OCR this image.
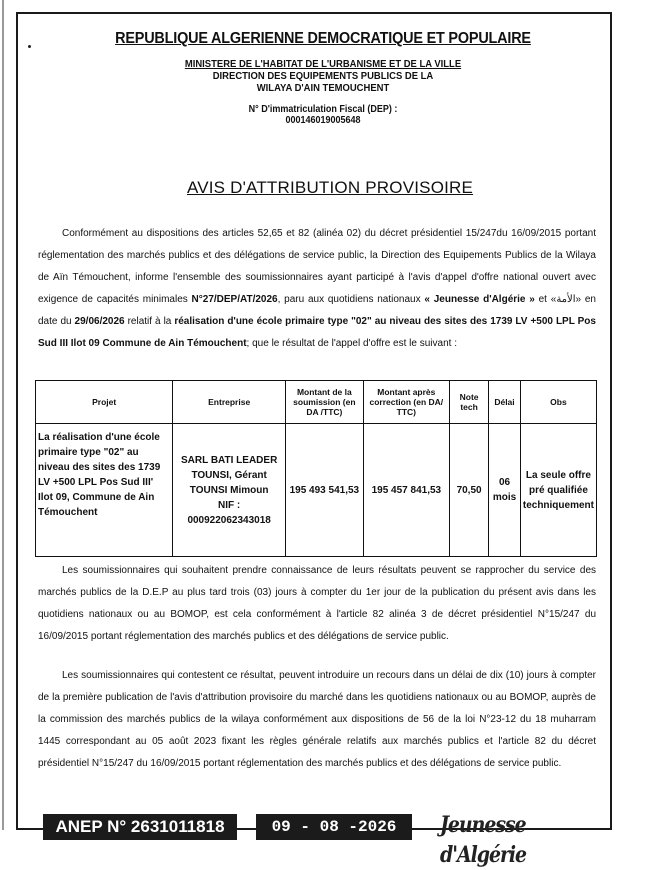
REPUBLIQUE ALGERIENNE DEMOCRATIQUE ET POPULAIRE
MINISTERE DE L'HABITAT DE L'URBANISME ET DE LA VILLE
DIRECTION DES EQUIPEMENTS PUBLICS DE LA
WILAYA D'AIN TEMOUCHENT
N° D'immatriculation Fiscal (DEP) :
000146019005648
AVIS D'ATTRIBUTION PROVISOIRE
Conformément au dispositions des articles 52,65 et 82 (alinéa 02) du décret présidentiel 15/247du 16/09/2015 portant réglementation des marchés publics et des délégations de service public, la Direction des Equipements Publics de la Wilaya de Aïn Témouchent, informe l'ensemble des soumissionnaires ayant participé à l'avis d'appel d'offre national ouvert avec exigence de capacités minimales N°27/DEP/AT/2026, paru aux quotidiens nationaux « Jeunesse d'Algérie » et «الأمة» en date du 29/06/2026 relatif à la réalisation d'une école primaire type "02" au niveau des sites des 1739 LV +500 LPL Pos Sud III Ilot 09 Commune de Ain Témouchent; que le résultat de l'appel d'offre est le suivant :
Projet	Entreprise	Montant de la soumission (en DA /TTC)	Montant après correction (en DA/ TTC)	Note tech	Délai	Obs
La réalisation d'une école primaire type "02" au niveau des sites des 1739 LV +500 LPL Pos Sud III' Ilot 09, Commune de Ain Témouchent	SARL BATI LEADER TOUNSI, Gérant TOUNSI Mimoun
NIF : 000922062343018	195 493 541,53	195 457 841,53	70,50	06 mois	La seule offre pré qualifiée techniquement
Les soumissionnaires qui souhaitent prendre connaissance de leurs résultats peuvent se rapprocher du service des marchés publics de la D.E.P au plus tard trois (03) jours à compter du 1er jour de la publication du présent avis dans les quotidiens nationaux ou au BOMOP, est cela conformément à l'article 82 alinéa 3 de décret présidentiel N°15/247 du 16/09/2015 portant réglementation des marchés publics et des délégations de service public.
Les soumissionnaires qui contestent ce résultat, peuvent introduire un recours dans un délai de dix (10) jours à compter de la première publication de l'avis d'attribution provisoire du marché dans les quotidiens nationaux ou au BOMOP, auprès de la commission des marchés publics de la wilaya conformément aux dispositions de 56 de la loi N°23-12 du 18 muharram 1445 correspondant au 05 août 2023 fixant les règles générale relatifs aux marchés publics et l'article 82 du décret présidentiel N°15/247 du 16/09/2015 portant réglementation des marchés publics et des délégations de service public.
ANEP N° 2631011818	09 - 08 -2026	Jeunesse d'Algérie
